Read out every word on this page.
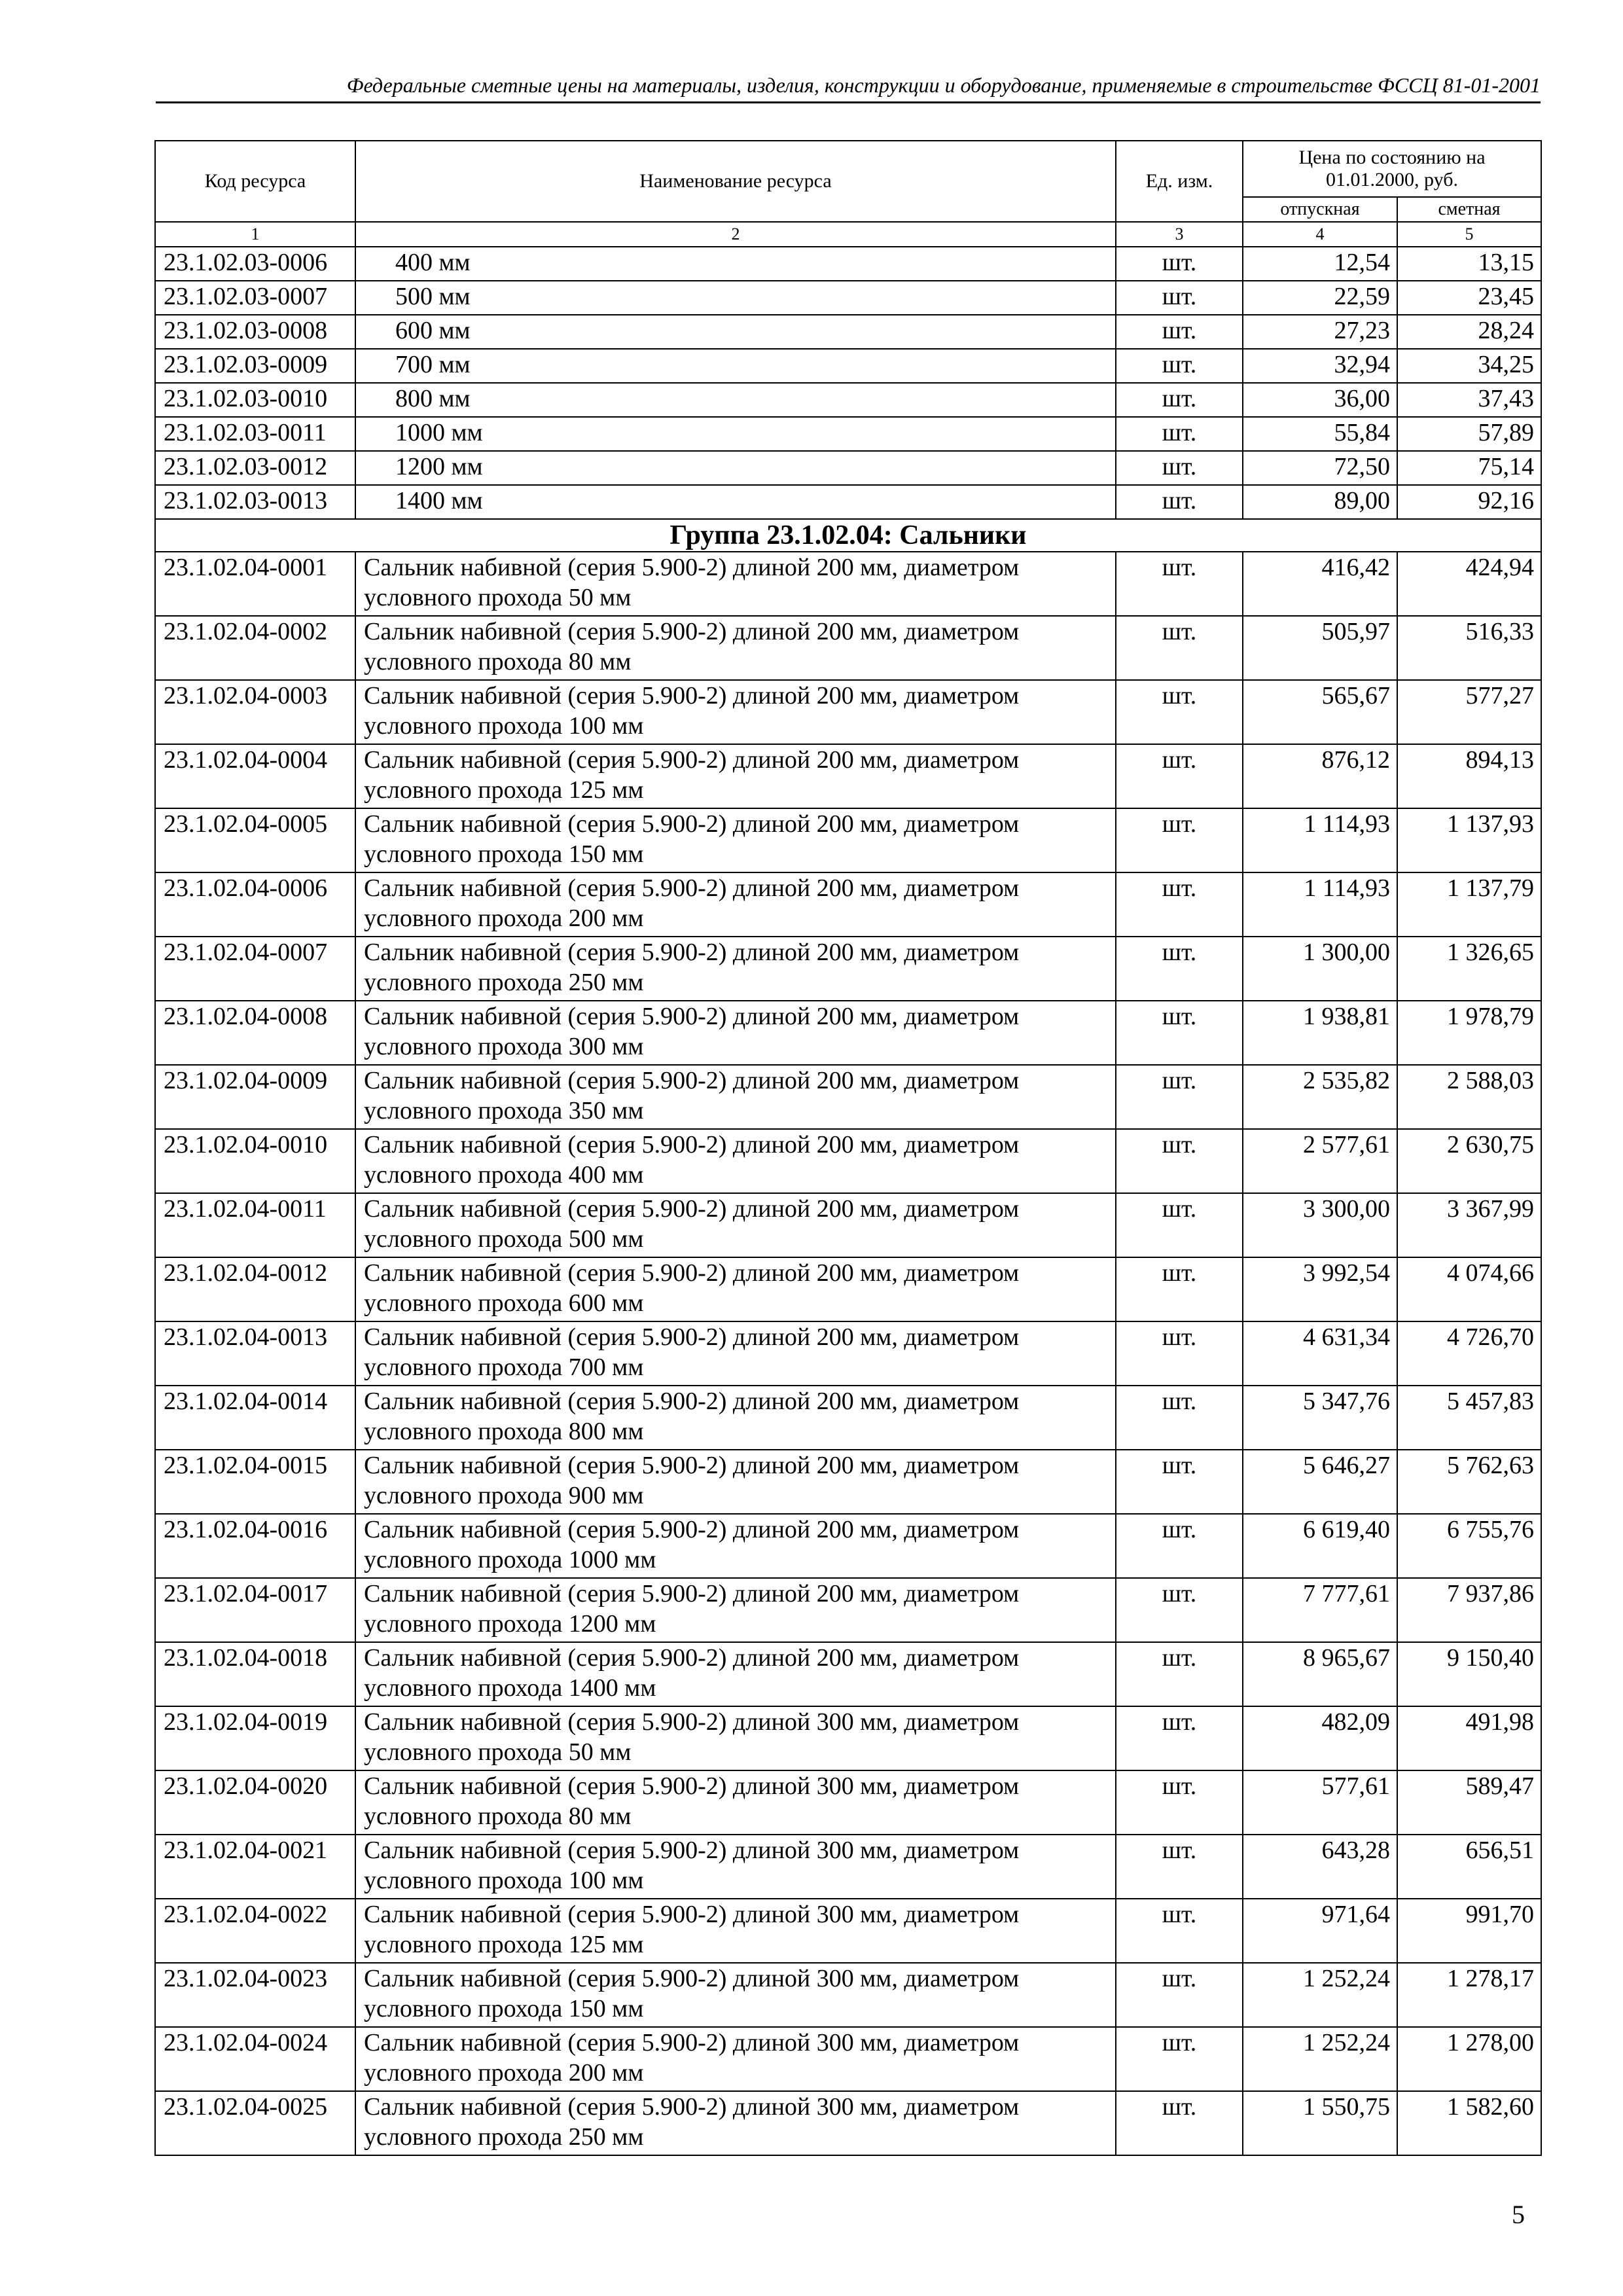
Федеральные сметные цены на материалы, изделия, конструкции и оборудование, применяемые в строительстве ФССЦ 81-01-2001
Код ресурса	Наименование ресурса	Ед. изм.	Цена по состоянию на 01.01.2000, руб.	
			отпускная	сметная
1	2	3	4	5
23.1.02.03-0006	400 мм	шт.	12,54	13,15
23.1.02.03-0007	500 мм	шт.	22,59	23,45
23.1.02.03-0008	600 мм	шт.	27,23	28,24
23.1.02.03-0009	700 мм	шт.	32,94	34,25
23.1.02.03-0010	800 мм	шт.	36,00	37,43
23.1.02.03-0011	1000 мм	шт.	55,84	57,89
23.1.02.03-0012	1200 мм	шт.	72,50	75,14
23.1.02.03-0013	1400 мм	шт.	89,00	92,16
Группа 23.1.02.04: Сальники				
23.1.02.04-0001	Сальник набивной (серия 5.900-2) длиной 200 мм, диаметром условного прохода 50 мм	шт.	416,42	424,94
23.1.02.04-0002	Сальник набивной (серия 5.900-2) длиной 200 мм, диаметром условного прохода 80 мм	шт.	505,97	516,33
23.1.02.04-0003	Сальник набивной (серия 5.900-2) длиной 200 мм, диаметром условного прохода 100 мм	шт.	565,67	577,27
23.1.02.04-0004	Сальник набивной (серия 5.900-2) длиной 200 мм, диаметром условного прохода 125 мм	шт.	876,12	894,13
23.1.02.04-0005	Сальник набивной (серия 5.900-2) длиной 200 мм, диаметром условного прохода 150 мм	шт.	1 114,93	1 137,93
23.1.02.04-0006	Сальник набивной (серия 5.900-2) длиной 200 мм, диаметром условного прохода 200 мм	шт.	1 114,93	1 137,79
23.1.02.04-0007	Сальник набивной (серия 5.900-2) длиной 200 мм, диаметром условного прохода 250 мм	шт.	1 300,00	1 326,65
23.1.02.04-0008	Сальник набивной (серия 5.900-2) длиной 200 мм, диаметром условного прохода 300 мм	шт.	1 938,81	1 978,79
23.1.02.04-0009	Сальник набивной (серия 5.900-2) длиной 200 мм, диаметром условного прохода 350 мм	шт.	2 535,82	2 588,03
23.1.02.04-0010	Сальник набивной (серия 5.900-2) длиной 200 мм, диаметром условного прохода 400 мм	шт.	2 577,61	2 630,75
23.1.02.04-0011	Сальник набивной (серия 5.900-2) длиной 200 мм, диаметром условного прохода 500 мм	шт.	3 300,00	3 367,99
23.1.02.04-0012	Сальник набивной (серия 5.900-2) длиной 200 мм, диаметром условного прохода 600 мм	шт.	3 992,54	4 074,66
23.1.02.04-0013	Сальник набивной (серия 5.900-2) длиной 200 мм, диаметром условного прохода 700 мм	шт.	4 631,34	4 726,70
23.1.02.04-0014	Сальник набивной (серия 5.900-2) длиной 200 мм, диаметром условного прохода 800 мм	шт.	5 347,76	5 457,83
23.1.02.04-0015	Сальник набивной (серия 5.900-2) длиной 200 мм, диаметром условного прохода 900 мм	шт.	5 646,27	5 762,63
23.1.02.04-0016	Сальник набивной (серия 5.900-2) длиной 200 мм, диаметром условного прохода 1000 мм	шт.	6 619,40	6 755,76
23.1.02.04-0017	Сальник набивной (серия 5.900-2) длиной 200 мм, диаметром условного прохода 1200 мм	шт.	7 777,61	7 937,86
23.1.02.04-0018	Сальник набивной (серия 5.900-2) длиной 200 мм, диаметром условного прохода 1400 мм	шт.	8 965,67	9 150,40
23.1.02.04-0019	Сальник набивной (серия 5.900-2) длиной 300 мм, диаметром условного прохода 50 мм	шт.	482,09	491,98
23.1.02.04-0020	Сальник набивной (серия 5.900-2) длиной 300 мм, диаметром условного прохода 80 мм	шт.	577,61	589,47
23.1.02.04-0021	Сальник набивной (серия 5.900-2) длиной 300 мм, диаметром условного прохода 100 мм	шт.	643,28	656,51
23.1.02.04-0022	Сальник набивной (серия 5.900-2) длиной 300 мм, диаметром условного прохода 125 мм	шт.	971,64	991,70
23.1.02.04-0023	Сальник набивной (серия 5.900-2) длиной 300 мм, диаметром условного прохода 150 мм	шт.	1 252,24	1 278,17
23.1.02.04-0024	Сальник набивной (серия 5.900-2) длиной 300 мм, диаметром условного прохода 200 мм	шт.	1 252,24	1 278,00
23.1.02.04-0025	Сальник набивной (серия 5.900-2) длиной 300 мм, диаметром условного прохода 250 мм	шт.	1 550,75	1 582,60
5
